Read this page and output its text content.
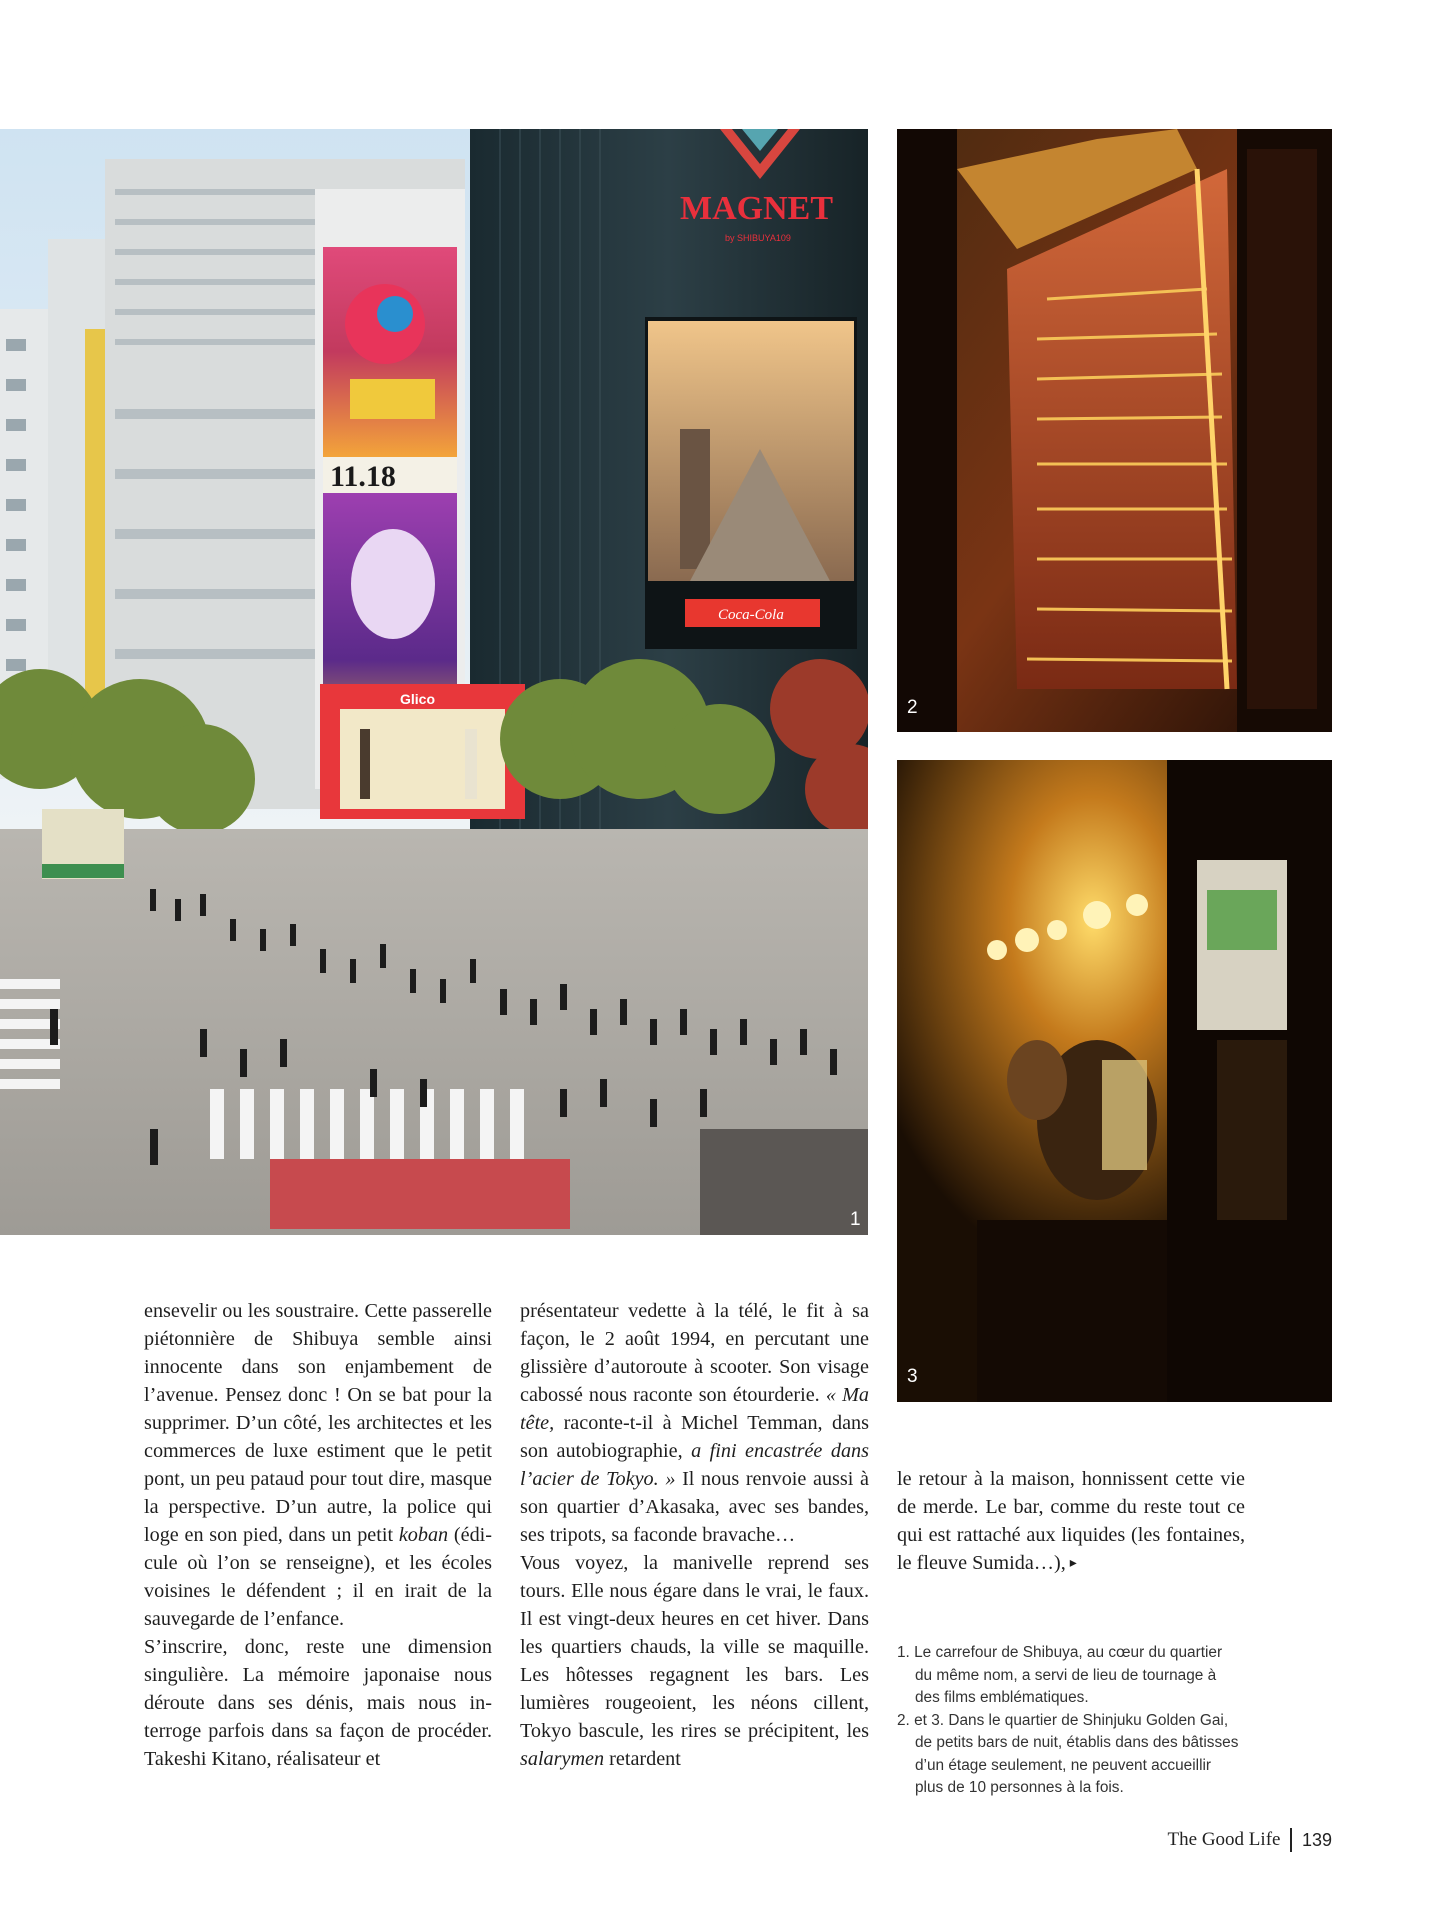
11.18
MAGNET
by SHIBUYA109
Coca-Cola
Glico
1
2
3

ensevelir ou les soustraire. Cette passerelle piétonnière de Shibuya semble ainsi innocente dans son enjambement de l’avenue. Pensez donc ! On se bat pour la supprimer. D’un côté, les architectes et les commerces de luxe estiment que le petit pont, un peu pataud pour tout dire, masque la perspective. D’un autre, la police qui loge en son pied, dans un petit koban (édicule où l’on se renseigne), et les écoles voisines le défendent ; il en irait de la sauvegarde de l’enfance.

S’inscrire, donc, reste une dimension singulière. La mémoire japonaise nous déroute dans ses dénis, mais nous interroge parfois dans sa façon de procéder. Takeshi Kitano, réalisateur et

présentateur vedette à la télé, le fit à sa façon, le 2 août 1994, en percutant une glissière d’autoroute à scooter. Son visage cabossé nous raconte son étourderie. « Ma tête, raconte-t-il à Michel Temman, dans son autobiographie, a fini encastrée dans l’acier de Tokyo. » Il nous renvoie aussi à son quartier d’Akasaka, avec ses bandes, ses tripots, sa faconde bravache…

Vous voyez, la manivelle reprend ses tours. Elle nous égare dans le vrai, le faux. Il est vingt-deux heures en cet hiver. Dans les quartiers chauds, la ville se maquille. Les hôtesses regagnent les bars. Les lumières rougeoient, les néons cillent, Tokyo bascule, les rires se précipitent, les salarymen retardent

le retour à la maison, honnissent cette vie de merde. Le bar, comme du reste tout ce qui est rattaché aux liquides (les fontaines, le fleuve Sumida…), ▸

1. Le carrefour de Shibuya, au cœur du quartier du même nom, a servi de lieu de tournage à des films emblématiques.
2. et 3. Dans le quartier de Shinjuku Golden Gai, de petits bars de nuit, établis dans des bâtisses d’un étage seulement, ne peuvent accueillir plus de 10 personnes à la fois.
The Good Life 139
